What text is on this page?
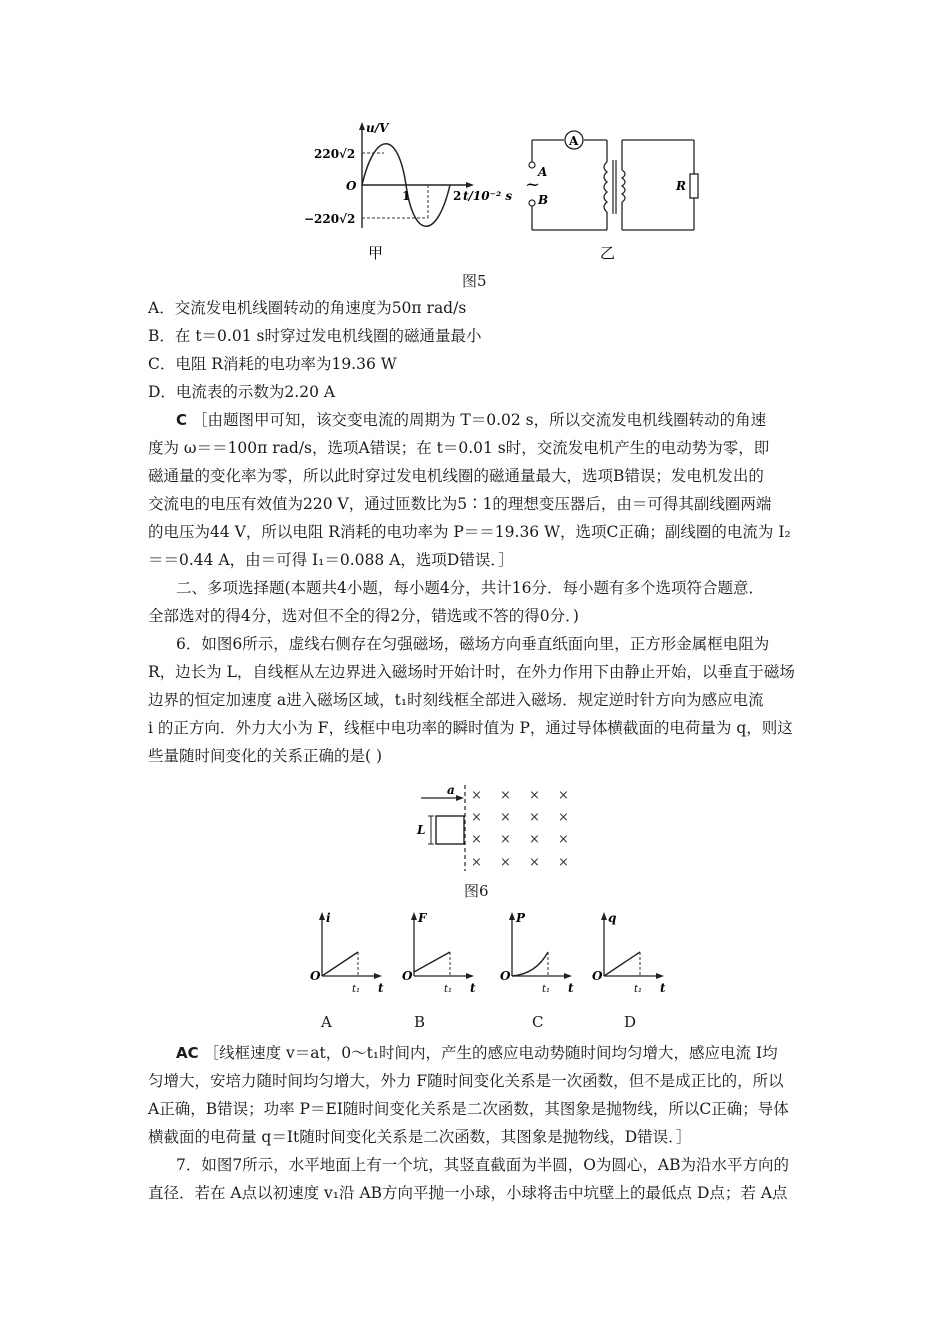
u/V
220√2
−220√2
O
1	2 t/10⁻² s
甲
A
R
A
~
B
乙
图5
A．交流发电机线圈转动的角速度为50π rad/s
B．在 t＝0.01 s时穿过发电机线圈的磁通量最小
C．电阻 R消耗的电功率为19.36 W
D．电流表的示数为2.20 A
C ［由题图甲可知，该交变电流的周期为 T＝0.02 s，所以交流发电机线圈转动的角速
度为 ω＝＝100π rad/s，选项A错误；在 t＝0.01 s时，交流发电机产生的电动势为零，即
磁通量的变化率为零，所以此时穿过发电机线圈的磁通量最大，选项B错误；发电机发出的
交流电的电压有效值为220 V，通过匝数比为5∶1的理想变压器后，由＝可得其副线圈两端
的电压为44 V，所以电阻 R消耗的电功率为 P＝＝19.36 W，选项C正确；副线圈的电流为 I₂
＝＝0.44 A，由＝可得 I₁＝0.088 A，选项D错误．］
二、多项选择题(本题共4小题，每小题4分，共计16分．每小题有多个选项符合题意．
全部选对的得4分，选对但不全的得2分，错选或不答的得0分．)
6．如图6所示，虚线右侧存在匀强磁场，磁场方向垂直纸面向里，正方形金属框电阻为
R，边长为 L，自线框从左边界进入磁场时开始计时，在外力作用下由静止开始，以垂直于磁场
边界的恒定加速度 a进入磁场区域，t₁时刻线框全部进入磁场．规定逆时针方向为感应电流
i 的正方向．外力大小为 F，线框中电功率的瞬时值为 P，通过导体横截面的电荷量为 q，则这
些量随时间变化的关系正确的是( )
a
L
× × × ×
× × × ×
× × × ×
× × × ×
图6
i
O
t₁ t
F
O
t₁ t
P
O
t₁ t
q
O
t₁ t
A	B	C	D
AC ［线框速度 v＝at，0～t₁时间内，产生的感应电动势随时间均匀增大，感应电流 I均
匀增大，安培力随时间均匀增大，外力 F随时间变化关系是一次函数，但不是成正比的，所以
A正确，B错误；功率 P＝EI随时间变化关系是二次函数，其图象是抛物线，所以C正确；导体
横截面的电荷量 q＝It随时间变化关系是二次函数，其图象是抛物线，D错误．］
7．如图7所示，水平地面上有一个坑，其竖直截面为半圆，O为圆心，AB为沿水平方向的
直径．若在 A点以初速度 v₁沿 AB方向平抛一小球，小球将击中坑壁上的最低点 D点；若 A点
